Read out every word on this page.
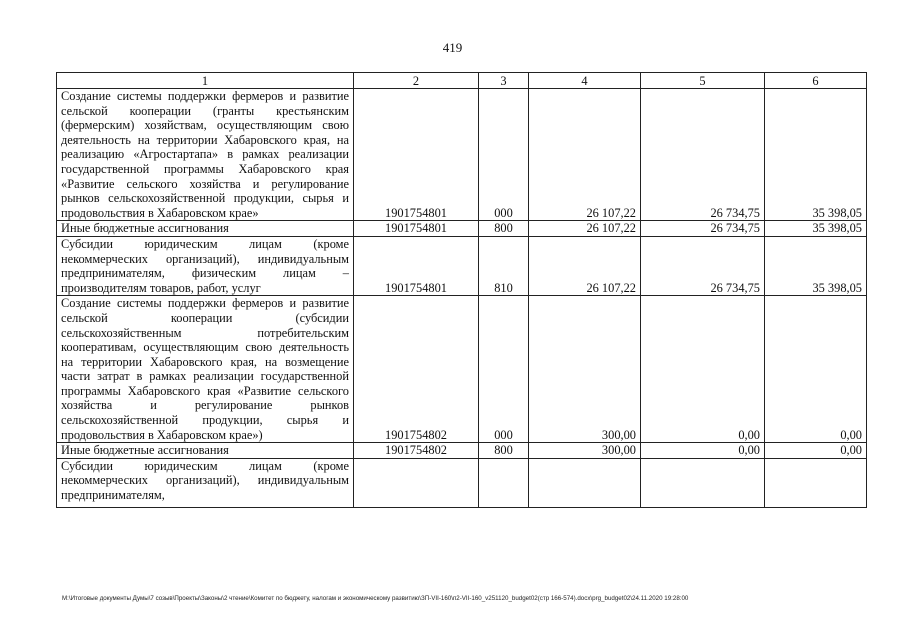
419
1	2	3	4	5	6
Создание системы поддержки фермеров и развитие сельской кооперации (гранты крестьянским (фермерским) хозяйствам, осуществляющим свою деятельность на территории Хабаровского края, на реализацию «Агростартапа» в рамках реализации государственной программы Хабаровского края «Развитие сельского хозяйства и регулирование рынков сельскохозяйственной продукции, сырья и продовольствия в Хабаровском крае»	1901754801	000	26 107,22	26 734,75	35 398,05
Иные бюджетные ассигнования	1901754801	800	26 107,22	26 734,75	35 398,05
Субсидии юридическим лицам (кроме некоммерческих организаций), индивидуальным предпринимателям, физическим лицам – производителям товаров, работ, услуг	1901754801	810	26 107,22	26 734,75	35 398,05
Создание системы поддержки фермеров и развитие сельской кооперации (субсидии сельскохозяйственным потребительским кооперативам, осуществляющим свою деятельность на территории Хабаровского края, на возмещение части затрат в рамках реализации государственной программы Хабаровского края «Развитие сельского хозяйства и регулирование рынков сельскохозяйственной продукции, сырья и продовольствия в Хабаровском крае»)	1901754802	000	300,00	0,00	0,00
Иные бюджетные ассигнования	1901754802	800	300,00	0,00	0,00
Субсидии юридическим лицам (кроме некоммерческих организаций), индивидуальным предпринимателям,					
M:\Итоговые документы Думы\7 созыв\Проекты\Законы\2 чтение\Комитет по бюджету, налогам и экономическому развитию\ЗП-VII-160\п2-VII-160_v251120_budget02(стр 166-574).docx\prg_budget02\24.11.2020 19:28:00
